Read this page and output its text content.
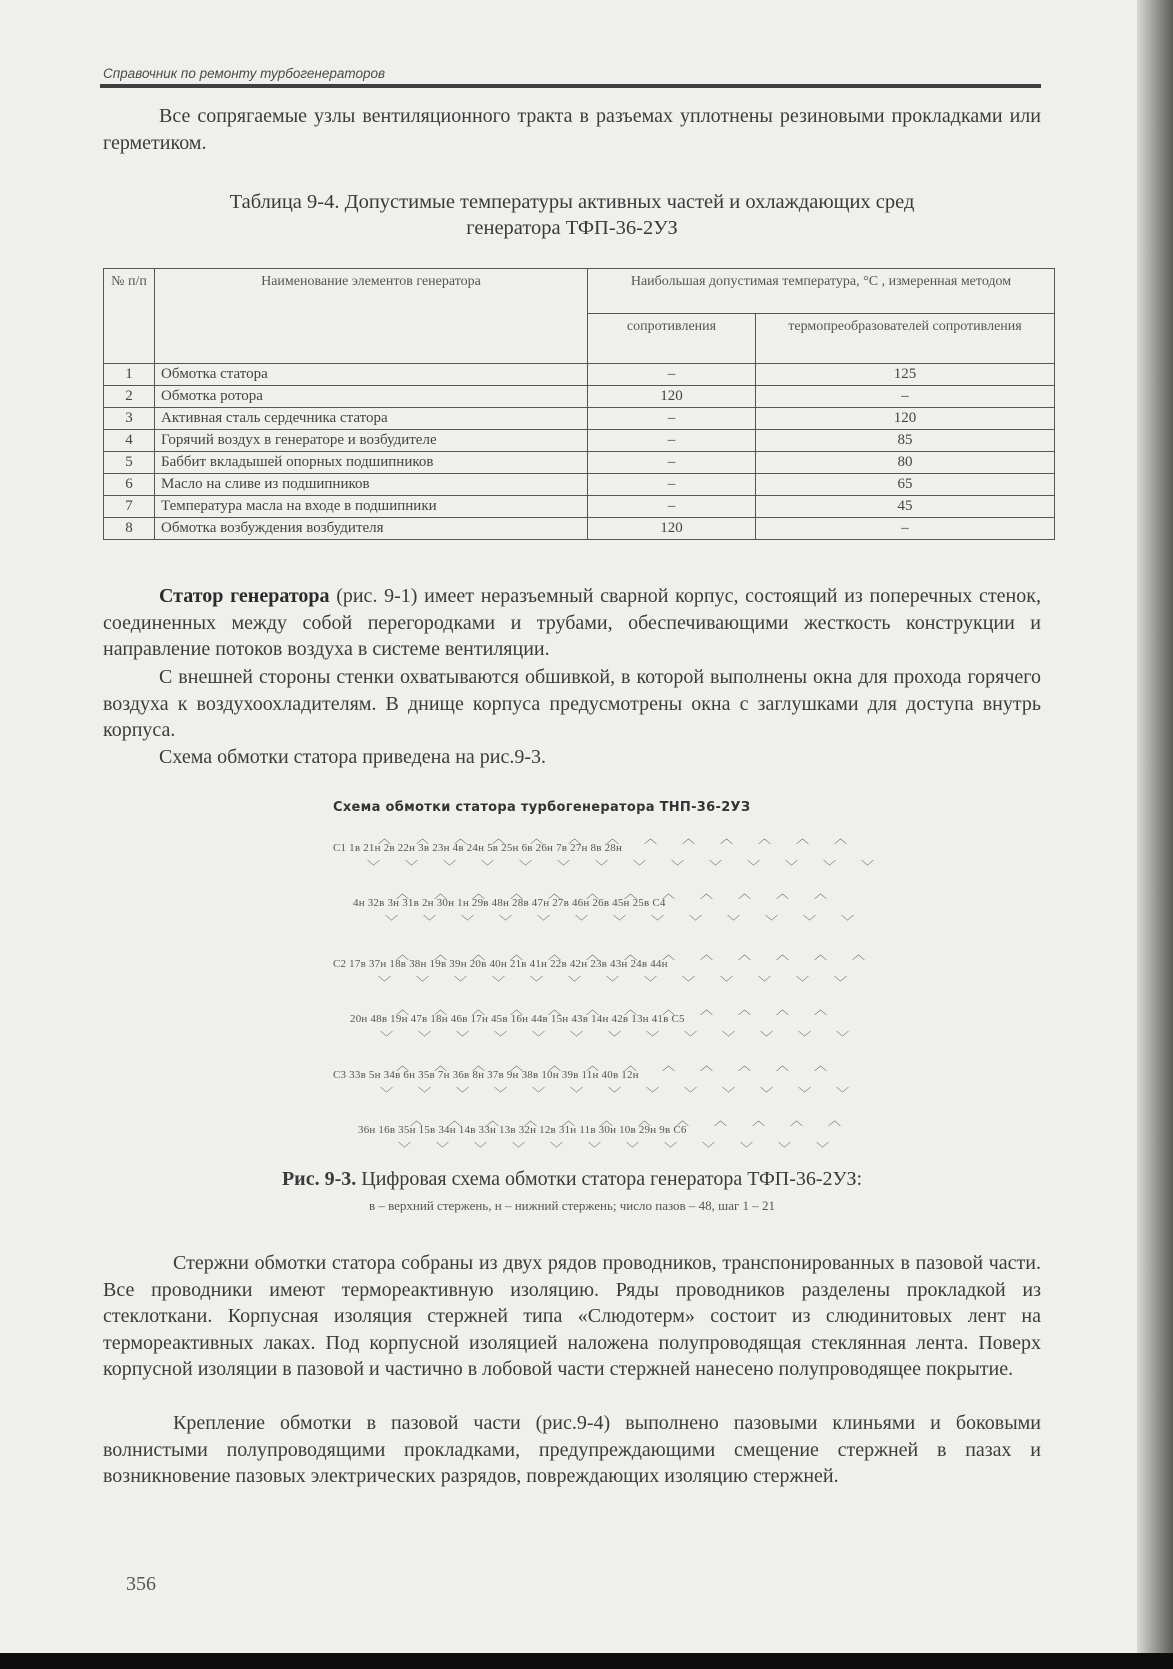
Справочник по ремонту турбогенераторов
Все сопрягаемые узлы вентиляционного тракта в разъемах уплотнены резиновыми прокладками или герметиком.
Таблица 9-4. Допустимые температуры активных частей и охлаждающих сред
генератора ТФП-36-2УЗ
№ п/п	Наименование элементов генератора	Наибольшая допустимая температура, °С , измеренная методом	
		сопротивления	термопреобразователей сопротивления
1	Обмотка статора	–	125
2	Обмотка ротора	120	–
3	Активная сталь сердечника статора	–	120
4	Горячий воздух в генераторе и возбудителе	–	85
5	Баббит вкладышей опорных подшипников	–	80
6	Масло на сливе из подшипников	–	65
7	Температура масла на входе в подшипники	–	45
8	Обмотка возбуждения возбудителя	120	–
Статор генератора (рис. 9-1) имеет неразъемный сварной корпус, состоящий из поперечных стенок, соединенных между собой перегородками и трубами, обеспечивающими жесткость конструкции и направление потоков воздуха в системе вентиляции.
С внешней стороны стенки охватываются обшивкой, в которой выполнены окна для прохода горячего воздуха к воздухоохладителям. В днище корпуса предусмотрены окна с заглушками для доступа внутрь корпуса.
Схема обмотки статора приведена на рис.9-3.
Схема обмотки статора турбогенератора ТНП-36-2УЗ
С1 1в 21н 2в 22н 3в 23н 4в 24н 5в 25н 6в 26н 7в 27н 8в 28н
︿︿︿︿︿︿︿︿︿︿︿︿︿
﹀﹀﹀﹀﹀﹀﹀﹀﹀﹀﹀﹀﹀﹀
4н 32в 3н 31в 2н 30н 1н 29в 48н 28в 47н 27в 46н 26в 45н 25в С4
︿︿︿︿︿︿︿︿︿︿︿︿
﹀﹀﹀﹀﹀﹀﹀﹀﹀﹀﹀﹀﹀
С2 17в 37н 18в 38н 19в 39н 20в 40н 21в 41н 22в 42н 23в 43н 24в 44н
︿︿︿︿︿︿︿︿︿︿︿︿︿
﹀﹀﹀﹀﹀﹀﹀﹀﹀﹀﹀﹀﹀
20н 48в 19н 47в 18н 46в 17н 45в 16н 44в 15н 43в 14н 42в 13н 41в С5
︿︿︿︿︿︿︿︿︿︿︿︿
﹀﹀﹀﹀﹀﹀﹀﹀﹀﹀﹀﹀﹀
С3 33в 5н 34в 6н 35в 7н 36в 8н 37в 9н 38в 10н 39в 11н 40в 12н
︿︿︿︿︿︿︿︿︿︿︿︿
﹀﹀﹀﹀﹀﹀﹀﹀﹀﹀﹀﹀﹀
36н 16в 35н 15в 34н 14в 33н 13в 32н 12в 31н 11в 30н 10в 29н 9в С6
︿︿︿︿︿︿︿︿︿︿︿︿
﹀﹀﹀﹀﹀﹀﹀﹀﹀﹀﹀﹀
Рис. 9-3. Цифровая схема обмотки статора генератора ТФП-36-2УЗ:
в – верхний стержень, н – нижний стержень; число пазов – 48, шаг 1 – 21
Стержни обмотки статора собраны из двух рядов проводников, транспонированных в пазовой части. Все проводники имеют термореактивную изоляцию. Ряды проводников разделены прокладкой из стеклоткани. Корпусная изоляция стержней типа «Слюдотерм» состоит из слюдинитовых лент на термореактивных лаках. Под корпусной изоляцией наложена полупроводящая стеклянная лента. Поверх корпусной изоляции в пазовой и частично в лобовой части стержней нанесено полупроводящее покрытие.
Крепление обмотки в пазовой части (рис.9-4) выполнено пазовыми клиньями и боковыми волнистыми полупроводящими прокладками, предупреждающими смещение стержней в пазах и возникновение пазовых электрических разрядов, повреждающих изоляцию стержней.
356
